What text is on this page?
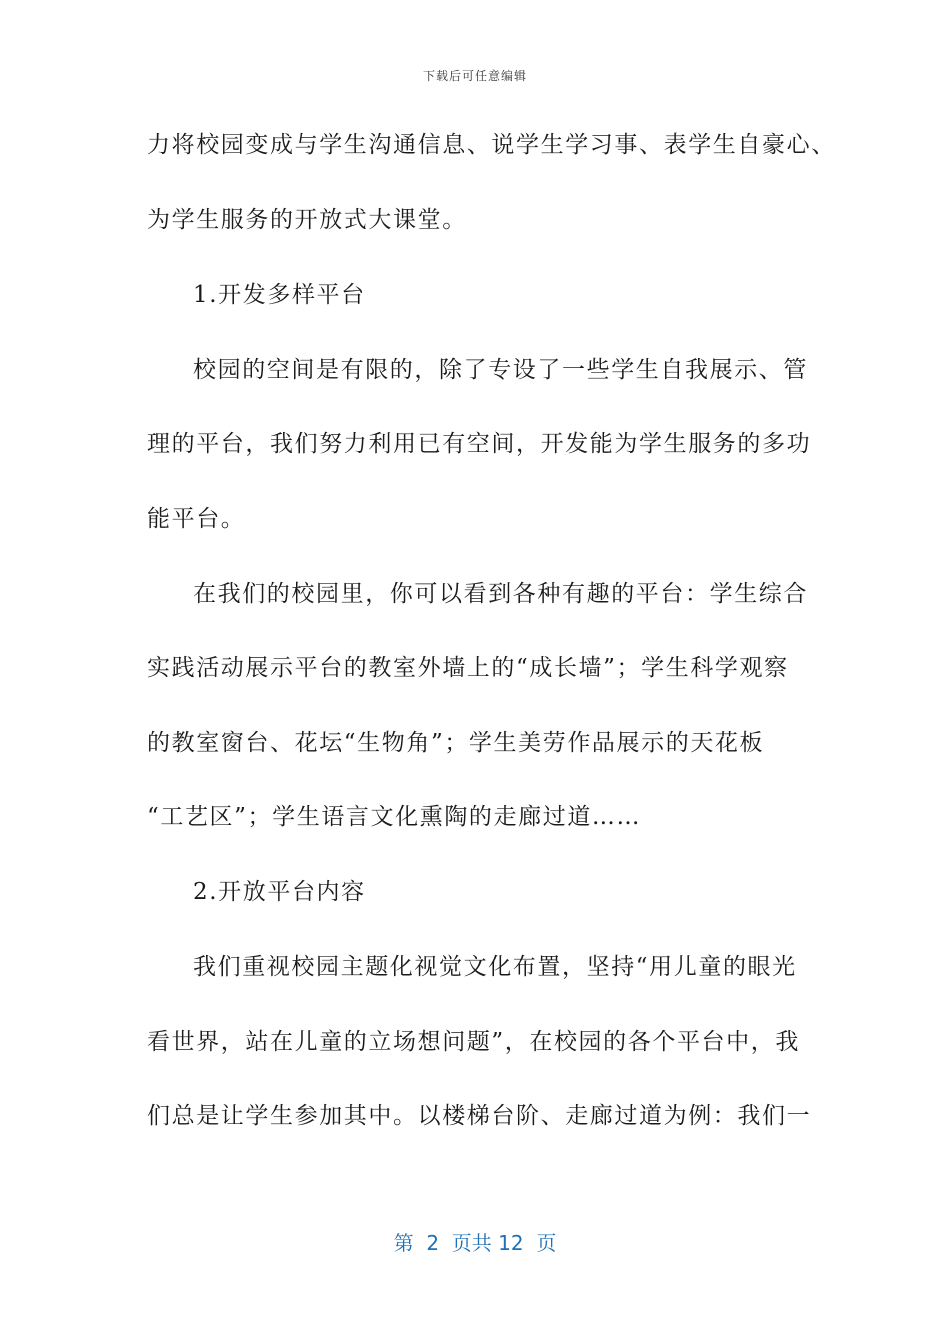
下载后可任意编辑
力将校园变成与学生沟通信息、说学生学习事、表学生自豪心、
为学生服务的开放式大课堂。
1.开发多样平台
校园的空间是有限的，除了专设了一些学生自我展示、管
理的平台，我们努力利用已有空间，开发能为学生服务的多功
能平台。
在我们的校园里，你可以看到各种有趣的平台：学生综合
实践活动展示平台的教室外墙上的“成长墙”；学生科学观察
的教室窗台、花坛“生物角”；学生美劳作品展示的天花板
“工艺区”；学生语言文化熏陶的走廊过道……
2.开放平台内容
我们重视校园主题化视觉文化布置，坚持“用儿童的眼光
看世界，站在儿童的立场想问题”，在校园的各个平台中，我
们总是让学生参加其中。以楼梯台阶、走廊过道为例：我们一
第  2  页共 12  页
